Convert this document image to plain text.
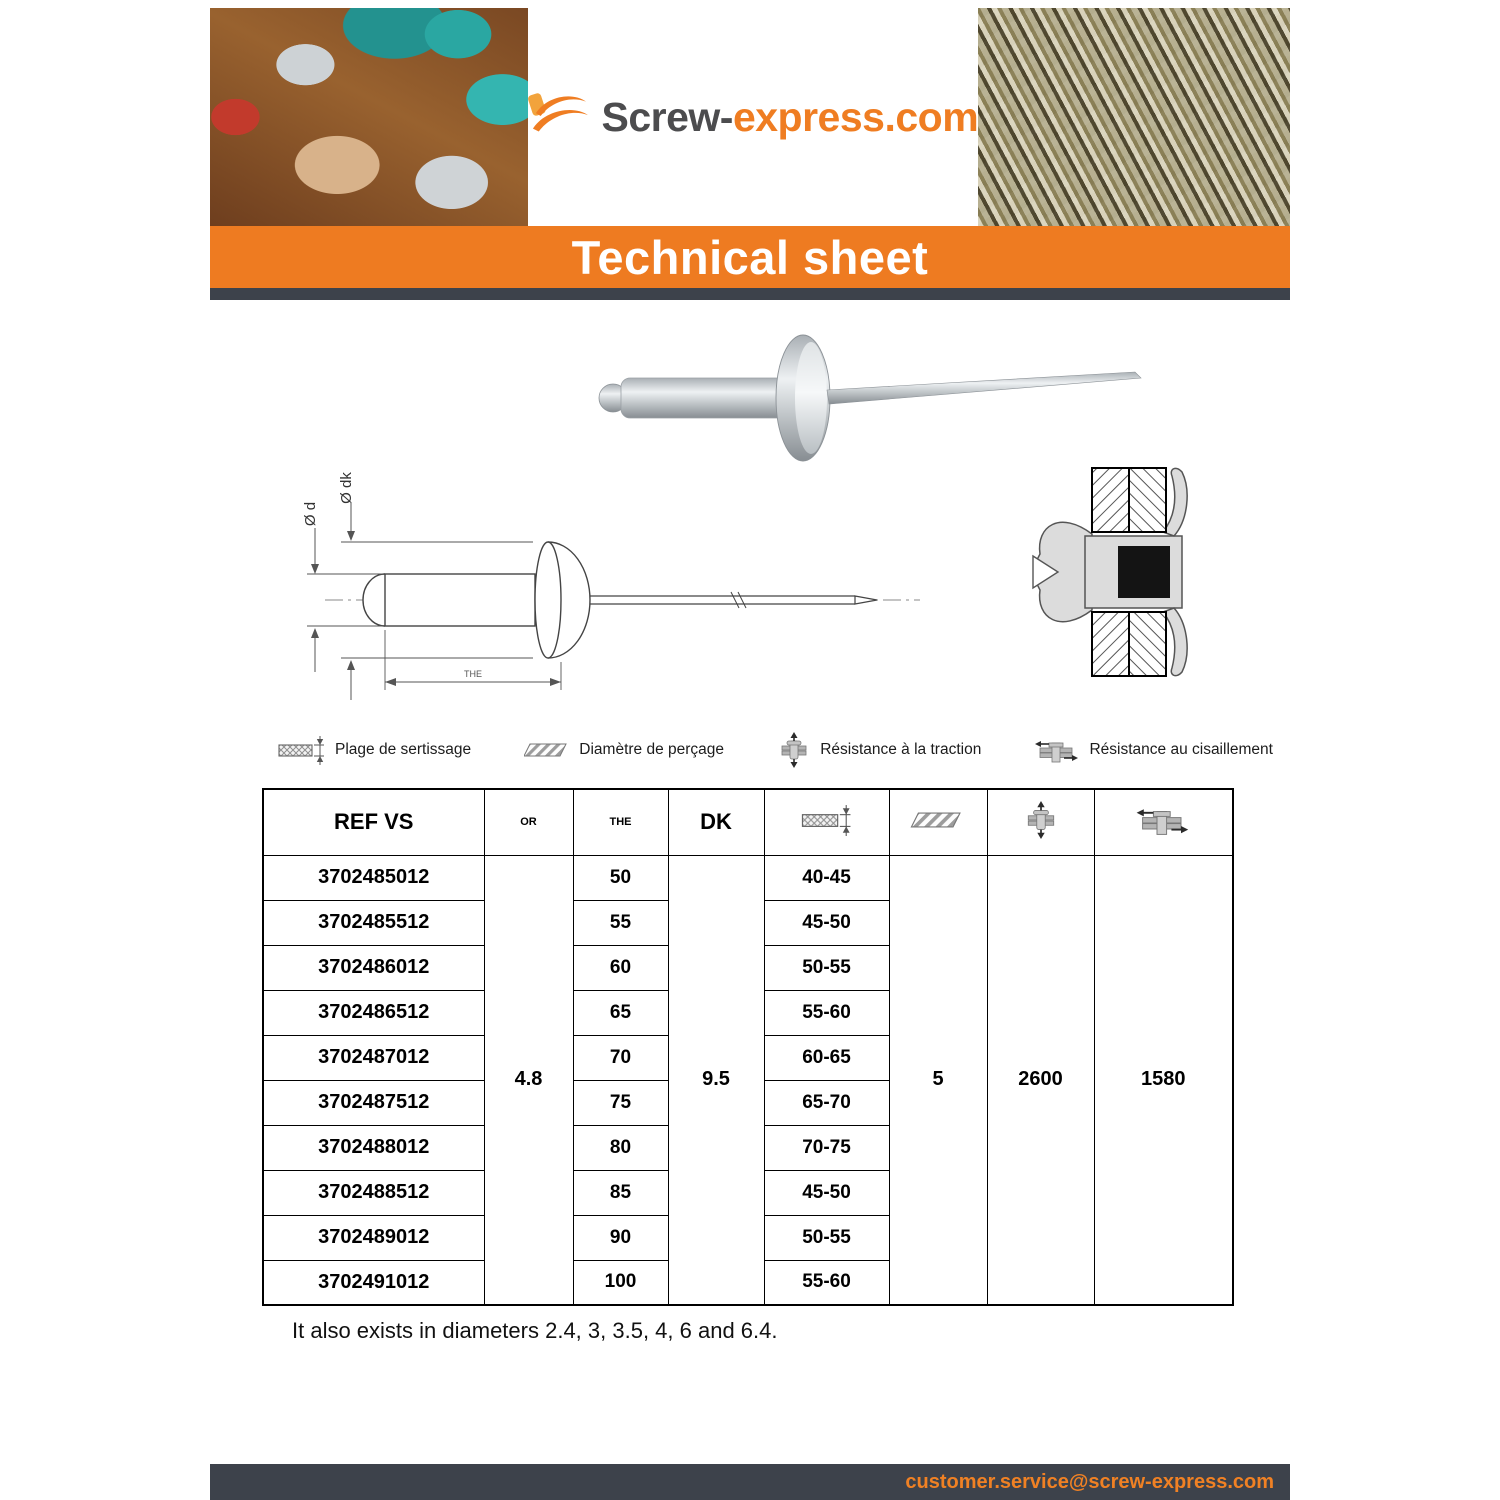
Screw-express.com
Technical sheet
Ø d
Ø dk
THE
Plage de sertissage	Diamètre de perçage	Résistance à la traction	Résistance au cisaillement
REF VS	OR	THE	DK				
3702485012	4.8	50	9.5	40-45	5	2600	1580
3702485512		55		45-50			
3702486012		60		50-55			
3702486512		65		55-60			
3702487012		70		60-65			
3702487512		75		65-70			
3702488012		80		70-75			
3702488512		85		45-50			
3702489012		90		50-55			
3702491012		100		55-60			

It also exists in diameters 2.4, 3, 3.5, 4, 6 and 6.4.

customer.service@screw-express.com
